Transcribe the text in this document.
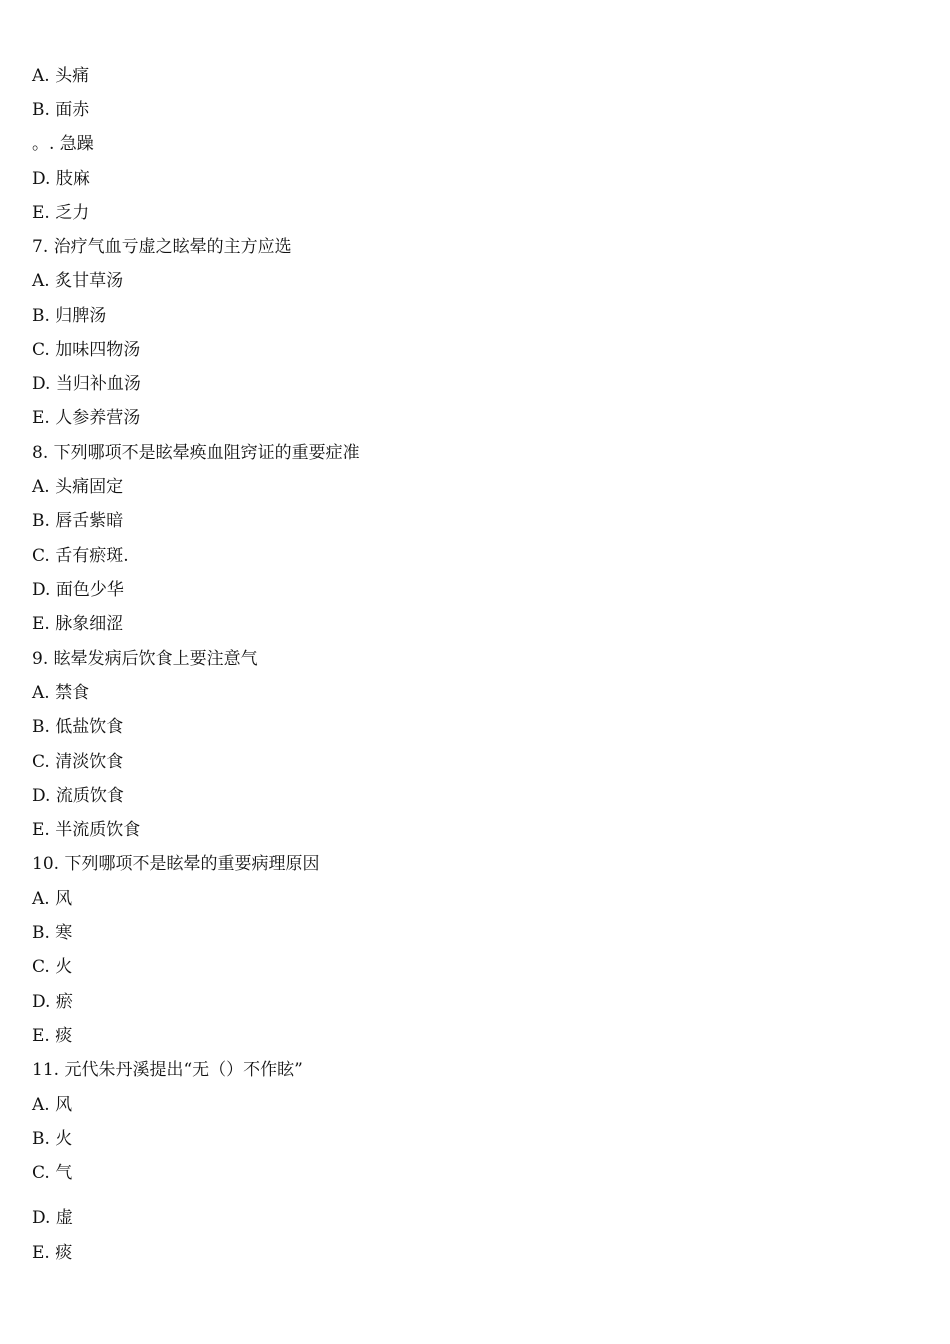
A. 头痛
B. 面赤
。. 急躁
D. 肢麻
E. 乏力
7. 治疗气血亏虚之眩晕的主方应选
A. 炙甘草汤
B. 归脾汤
C. 加味四物汤
D. 当归补血汤
E. 人参养营汤
8. 下列哪项不是眩晕痪血阻窍证的重要症准
A. 头痛固定
B. 唇舌紫暗
C. 舌有瘀斑.
D. 面色少华
E. 脉象细涩
9. 眩晕发病后饮食上要注意气
A. 禁食
B. 低盐饮食
C. 清淡饮食
D. 流质饮食
E. 半流质饮食
10. 下列哪项不是眩晕的重要病理原因
A. 风
B. 寒
C. 火
D. 瘀
E. 痰
11. 元代朱丹溪提出“无（）不作眩”
A. 风
B. 火
C. 气
D. 虚
E. 痰
